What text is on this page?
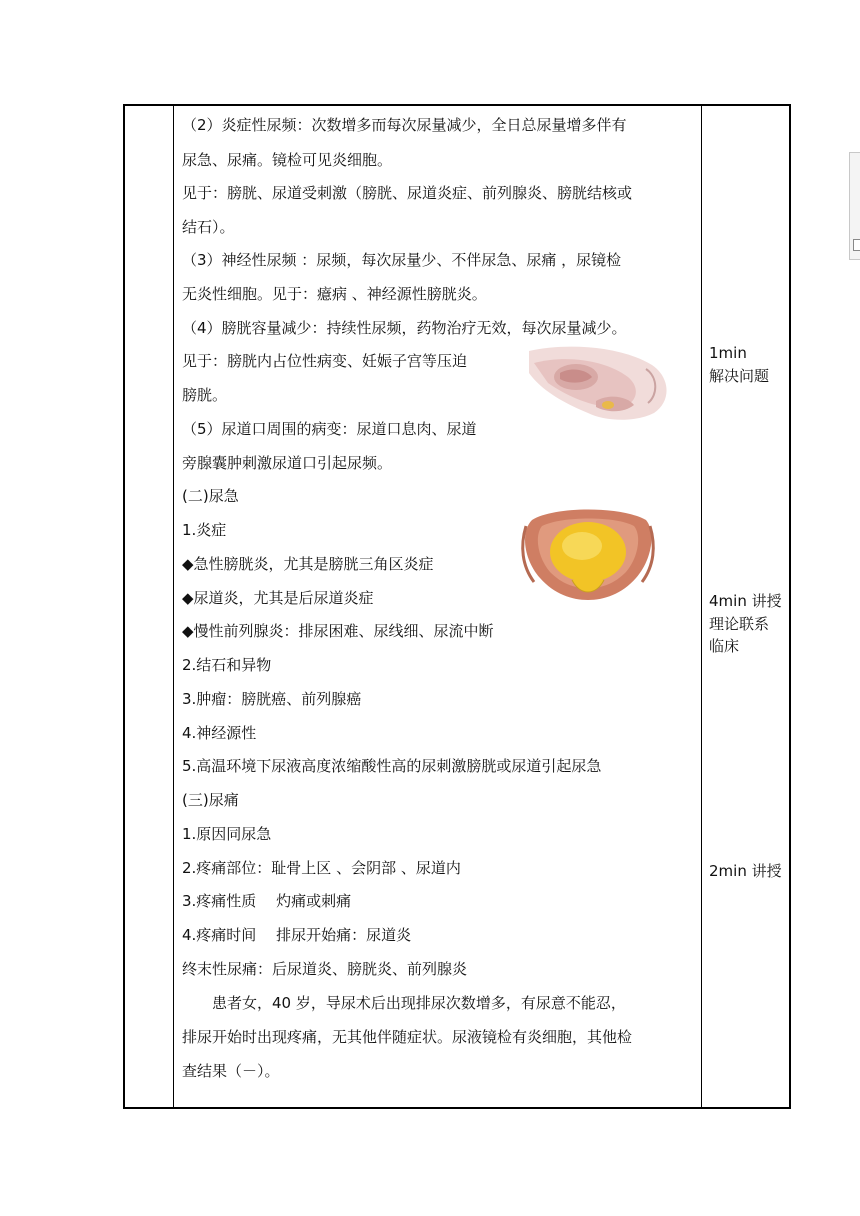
（2）炎症性尿频：次数增多而每次尿量减少，全日总尿量增多伴有
尿急、尿痛。镜检可见炎细胞。
见于：膀胱、尿道受刺激（膀胱、尿道炎症、前列腺炎、膀胱结核或
结石）。
（3）神经性尿频 ：尿频，每次尿量少、不伴尿急、尿痛 ，尿镜检
无炎性细胞。见于：癔病 、神经源性膀胱炎。
（4）膀胱容量减少：持续性尿频，药物治疗无效，每次尿量减少。
见于：膀胱内占位性病变、妊娠子宫等压迫
膀胱。
（5）尿道口周围的病变：尿道口息肉、尿道
旁腺囊肿刺激尿道口引起尿频。
(二)尿急
1.炎症
◆急性膀胱炎，尤其是膀胱三角区炎症
◆尿道炎，尤其是后尿道炎症
◆慢性前列腺炎：排尿困难、尿线细、尿流中断
2.结石和异物
3.肿瘤：膀胱癌、前列腺癌
4.神经源性
5.高温环境下尿液高度浓缩酸性高的尿刺激膀胱或尿道引起尿急
(三)尿痛
1.原因同尿急
2.疼痛部位：耻骨上区 、会阴部 、尿道内
3.疼痛性质　 灼痛或刺痛
4.疼痛时间　 排尿开始痛：尿道炎
终末性尿痛：后尿道炎、膀胱炎、前列腺炎
　　患者女，40 岁，导尿术后出现排尿次数增多，有尿意不能忍，
排尿开始时出现疼痛，无其他伴随症状。尿液镜检有炎细胞，其他检
查结果（－）。
1min
解决问题
4min 讲授
理论联系
临床
2min 讲授
